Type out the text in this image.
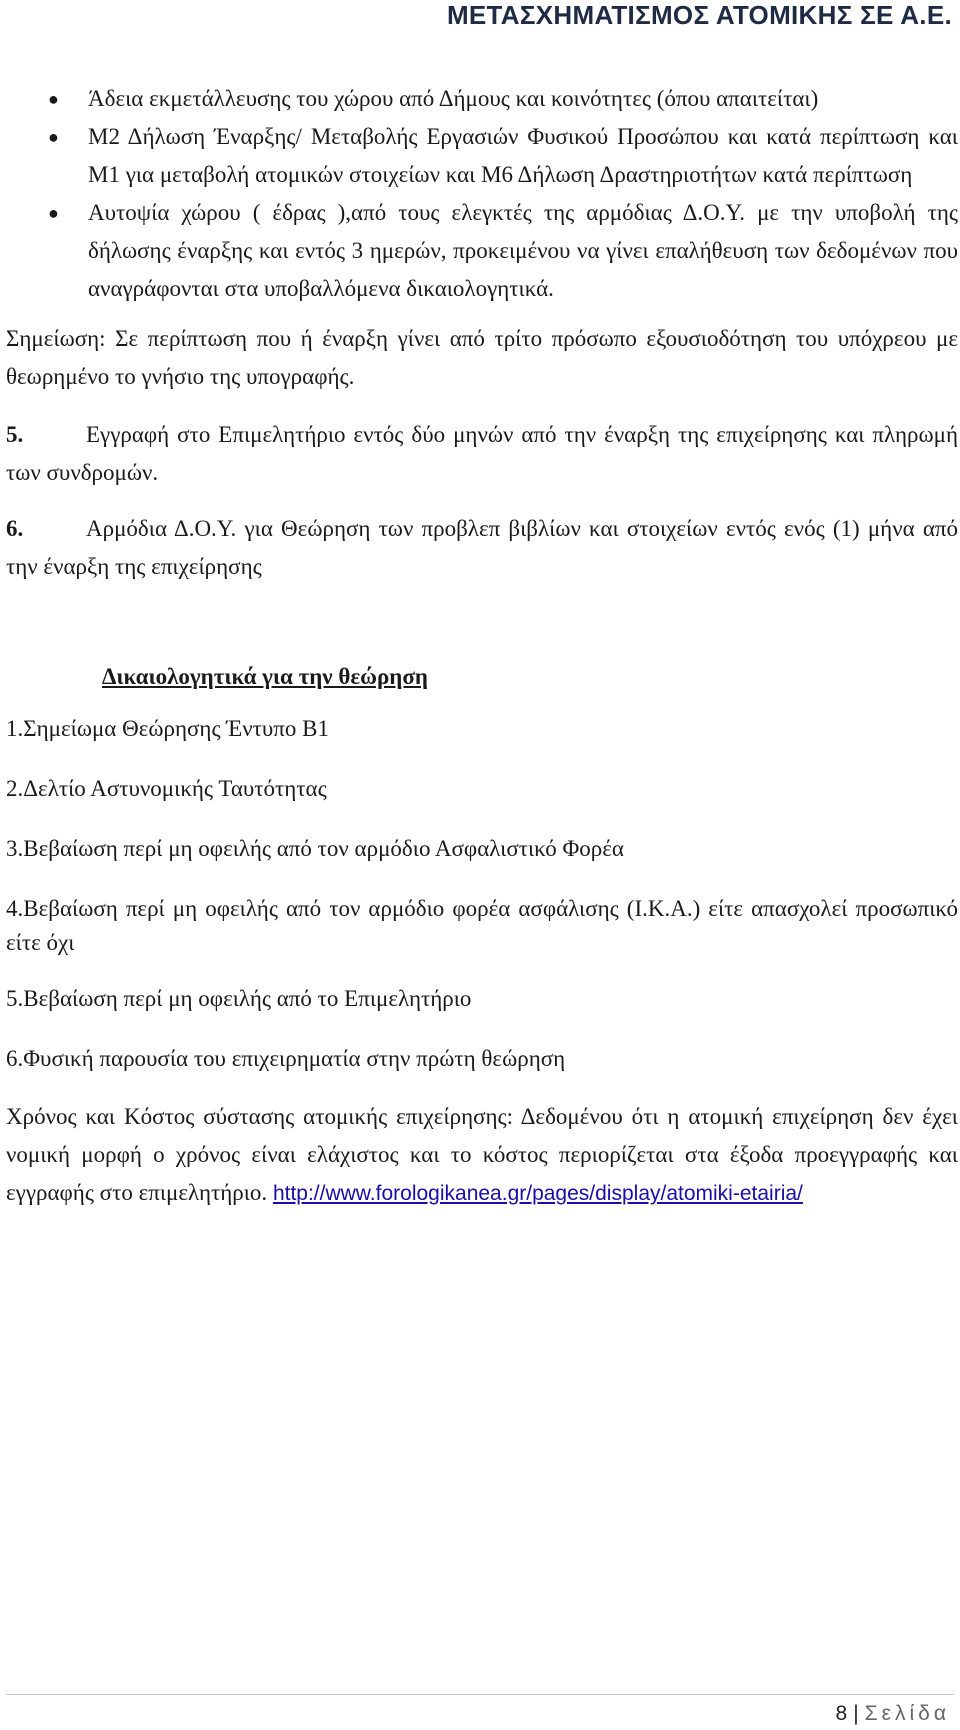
ΜΕΤΑΣΧΗΜΑΤΙΣΜΟΣ ΑΤΟΜΙΚΗΣ ΣΕ Α.Ε.
● Άδεια εκμετάλλευσης του χώρου από Δήμους και κοινότητες (όπου απαιτείται)
● Μ2 Δήλωση Έναρξης/ Μεταβολής Εργασιών Φυσικού Προσώπου και κατά περίπτωση και Μ1 για μεταβολή ατομικών στοιχείων και Μ6 Δήλωση Δραστηριοτήτων κατά περίπτωση
● Αυτοψία χώρου ( έδρας ),από τους ελεγκτές της αρμόδιας Δ.Ο.Υ. με την υποβολή της δήλωσης έναρξης και εντός 3 ημερών, προκειμένου να γίνει επαλήθευση των δεδομένων που αναγράφονται στα υποβαλλόμενα δικαιολογητικά.

Σημείωση: Σε περίπτωση που ή έναρξη γίνει από τρίτο πρόσωπο εξουσιοδότηση του υπόχρεου με θεωρημένο το γνήσιο της υπογραφής.

5.	Εγγραφή στο Επιμελητήριο εντός δύο μηνών από την έναρξη της επιχείρησης και πληρωμή των συνδρομών.

6.	Αρμόδια Δ.Ο.Υ. για Θεώρηση των προβλεπ βιβλίων και στοιχείων εντός ενός (1) μήνα από την έναρξη της επιχείρησης

Δικαιολογητικά για την θεώρηση

1.Σημείωμα Θεώρησης Έντυπο Β1

2.Δελτίο Αστυνομικής Ταυτότητας

3.Βεβαίωση περί μη οφειλής από τον αρμόδιο Ασφαλιστικό Φορέα

4.Βεβαίωση περί μη οφειλής από τον αρμόδιο φορέα ασφάλισης (Ι.Κ.Α.) είτε απασχολεί προσωπικό είτε όχι

5.Βεβαίωση περί μη οφειλής από το Επιμελητήριο

6.Φυσική παρουσία του επιχειρηματία στην πρώτη θεώρηση

Χρόνος και Κόστος σύστασης ατομικής επιχείρησης: Δεδομένου ότι η ατομική επιχείρηση δεν έχει νομική μορφή ο χρόνος είναι ελάχιστος και το κόστος περιορίζεται στα έξοδα προεγγραφής και εγγραφής στο επιμελητήριο. http://www.forologikanea.gr/pages/display/atomiki-etairia/

8 | Σελίδα
